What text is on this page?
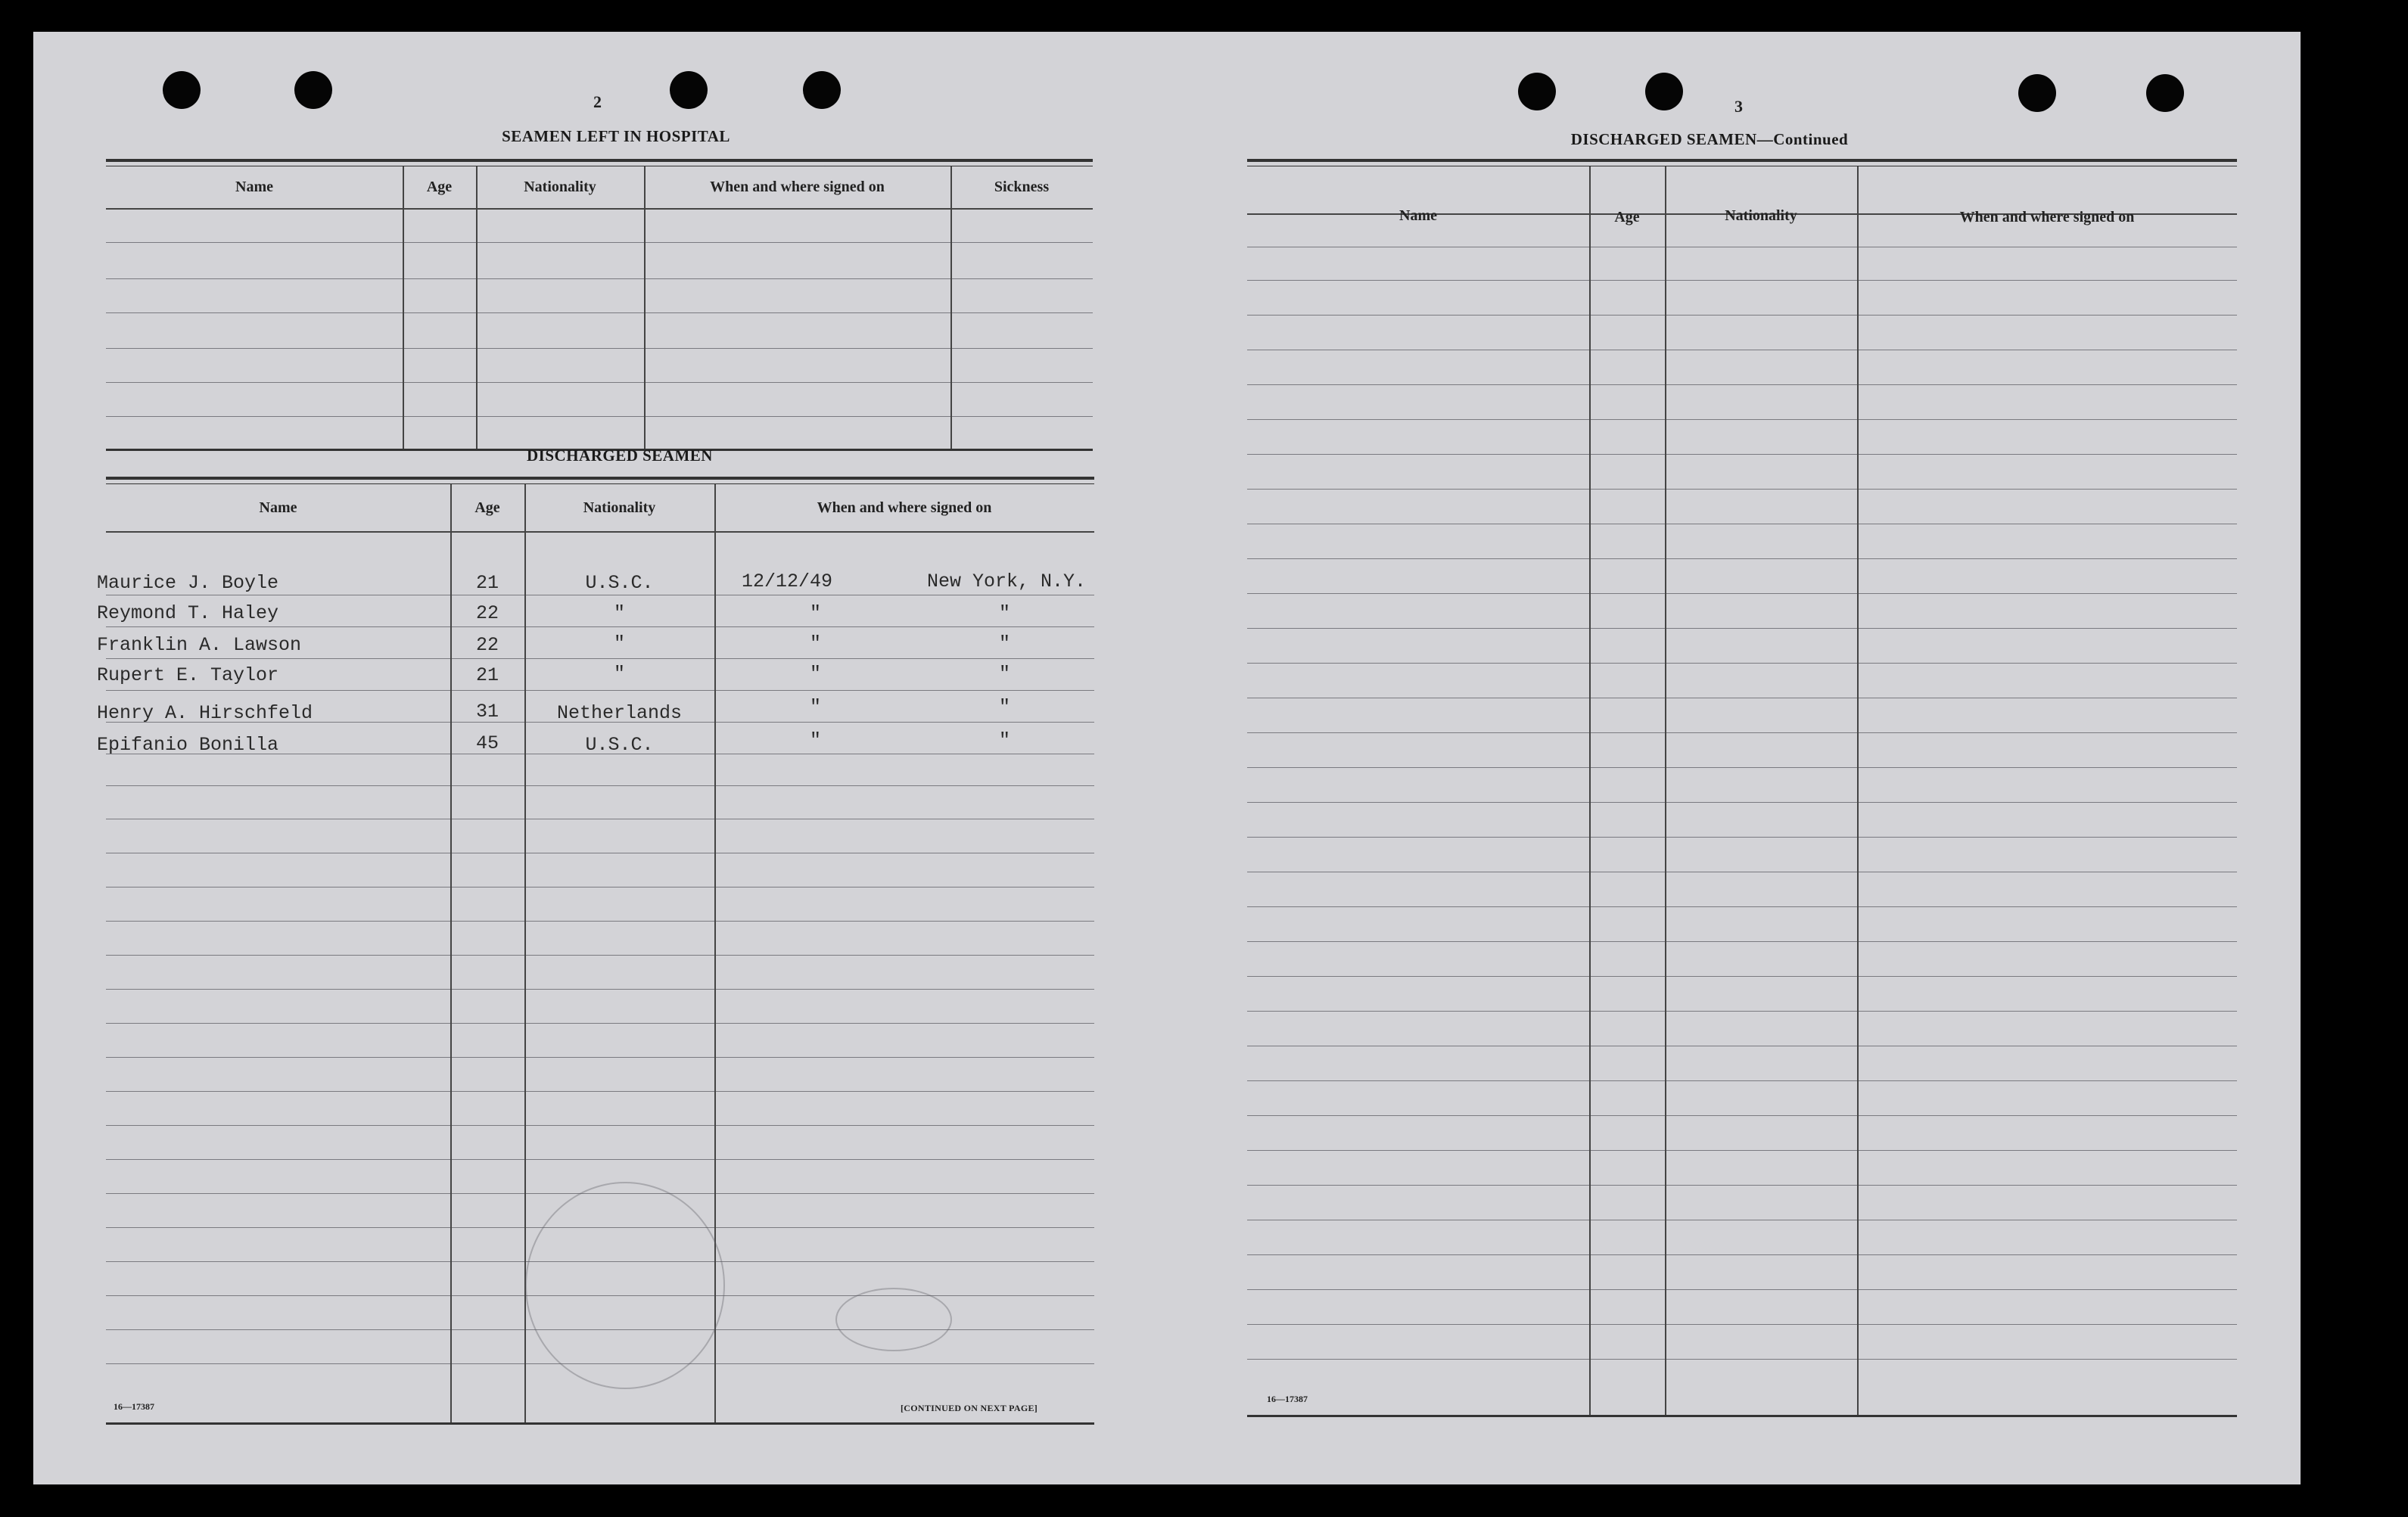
2
SEAMEN LEFT IN HOSPITAL
Name	Age	Nationality	When and where signed on	Sickness
DISCHARGED SEAMEN
Name	Age	Nationality	When and where signed on
Maurice J. Boyle	21	U.S.C.	12/12/49	New York, N.Y.
Reymond T. Haley	22	"	"	"
Franklin A. Lawson	22	"	"	"
Rupert E. Taylor	21	"	"	"
Henry A. Hirschfeld	31	Netherlands	"	"
Epifanio Bonilla	45	U.S.C.	"	"
16—17387	[CONTINUED ON NEXT PAGE]
3
DISCHARGED SEAMEN—Continued
Name	Age	Nationality	When and where signed on
16—17387
